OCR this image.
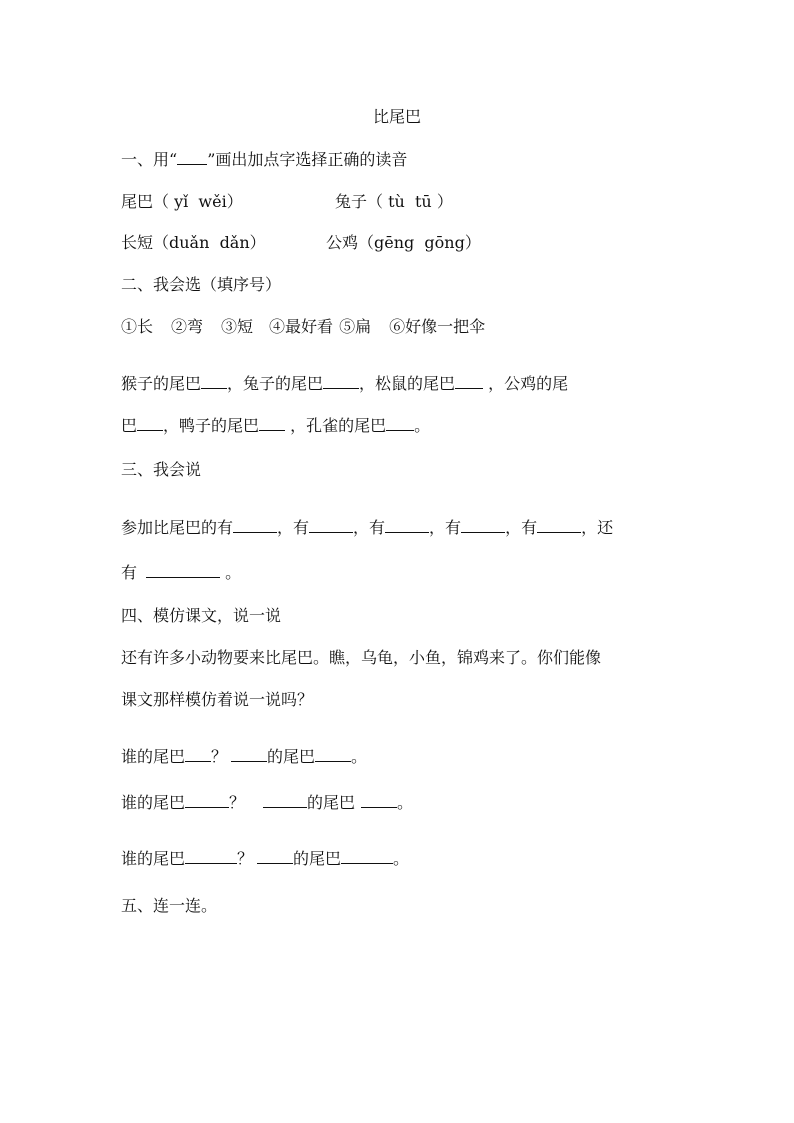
比尾巴
一、用“ ”画出加点字选择正确的读音
尾巴（ yǐ  wěi）	兔子（ tù  tū ）
长短（duǎn  dǎn）	公鸡（gēng  gōng）
二、我会选（填序号）
①长 ②弯 ③短 ④最好看 ⑤扁 ⑥好像一把伞
猴子的尾巴 ，兔子的尾巴 ，松鼠的尾巴 ，公鸡的尾
巴 ，鸭子的尾巴 ，孔雀的尾巴 。
三、我会说
参加比尾巴的有	，有	，有	，有	，有	，还
有	。
四、模仿课文，说一说
还有许多小动物要来比尾巴。瞧，乌龟，小鱼，锦鸡来了。你们能像
课文那样模仿着说一说吗？
谁的尾巴 ？	的尾巴 。
谁的尾巴	？	的尾巴	。
谁的尾巴	？	的尾巴	。
五、连一连。
